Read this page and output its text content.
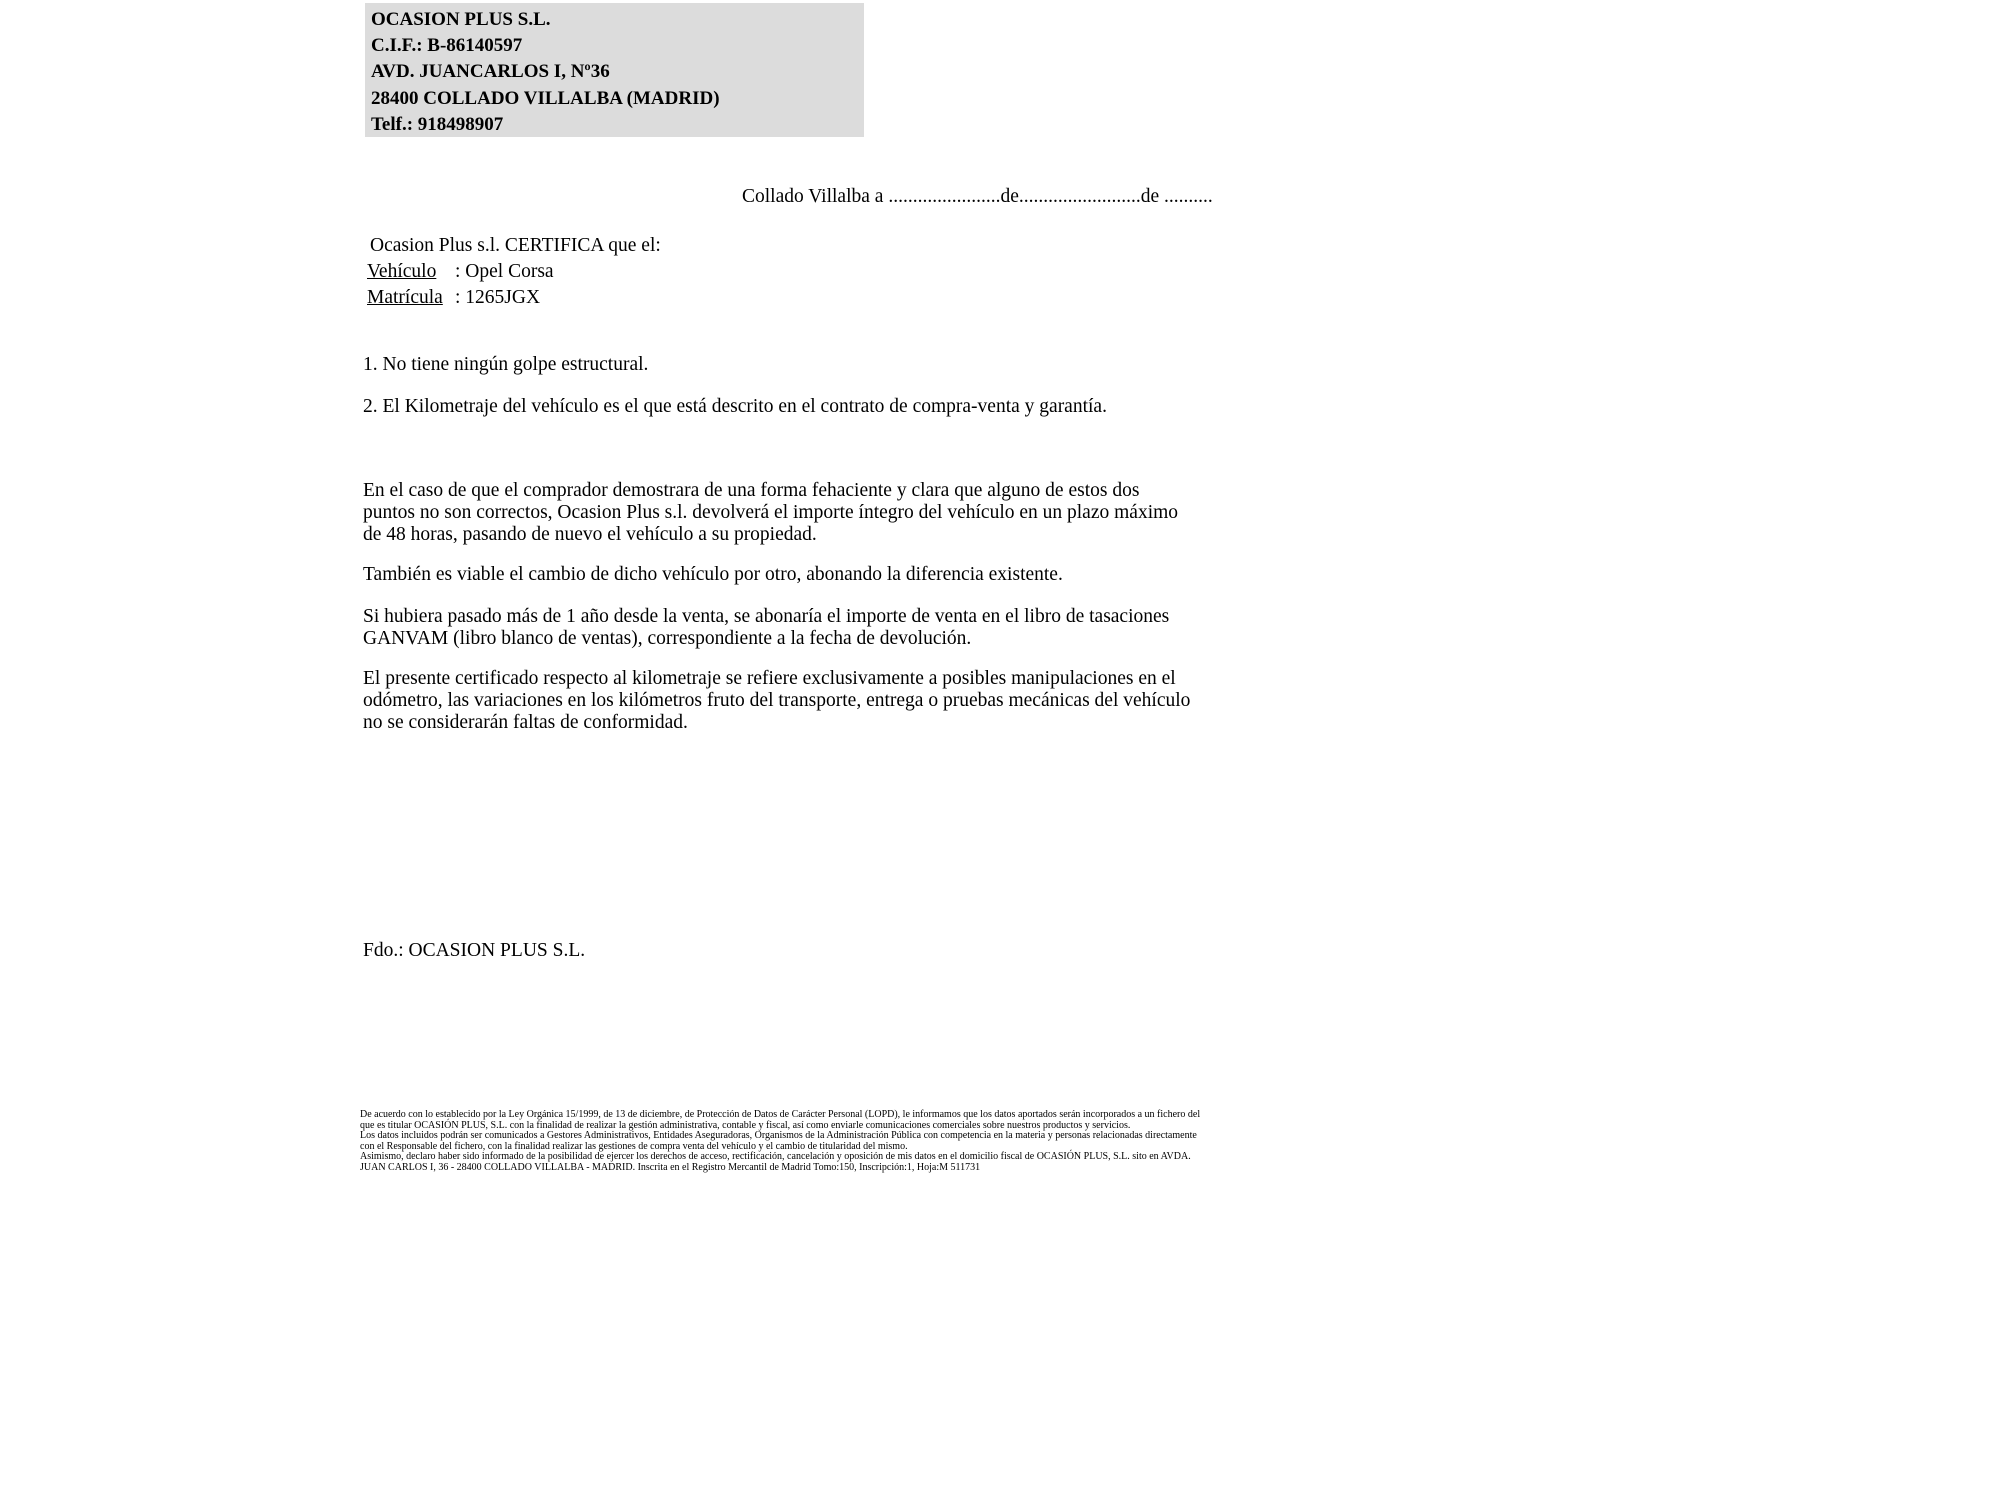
OCASION PLUS S.L.
C.I.F.: B-86140597
AVD. JUANCARLOS I, Nº36
28400 COLLADO VILLALBA (MADRID)
Telf.: 918498907
Collado Villalba a .......................de.........................de ..........
Ocasion Plus s.l. CERTIFICA que el:
Vehículo : Opel Corsa
Matrícula : 1265JGX
1. No tiene ningún golpe estructural.
2. El Kilometraje del vehículo es el que está descrito en el contrato de compra-venta y garantía.
En el caso de que el comprador demostrara de una forma fehaciente y clara que alguno de estos dos puntos no son correctos, Ocasion Plus s.l. devolverá el importe íntegro del vehículo en un plazo máximo de 48 horas, pasando de nuevo el vehículo a su propiedad.
También es viable el cambio de dicho vehículo por otro, abonando la diferencia existente.
Si hubiera pasado más de 1 año desde la venta, se abonaría el importe de venta en el libro de tasaciones GANVAM (libro blanco de ventas), correspondiente a la fecha de devolución.
El presente certificado respecto al kilometraje se refiere exclusivamente a posibles manipulaciones en el odómetro, las variaciones en los kilómetros fruto del transporte, entrega o pruebas mecánicas del vehículo no se considerarán faltas de conformidad.
Fdo.: OCASION PLUS S.L.

De acuerdo con lo establecido por la Ley Orgánica 15/1999, de 13 de diciembre, de Protección de Datos de Carácter Personal (LOPD), le informamos que los datos aportados serán incorporados a un fichero del que es titular OCASIÓN PLUS, S.L. con la finalidad de realizar la gestión administrativa, contable y fiscal, así como enviarle comunicaciones comerciales sobre nuestros productos y servicios.

Los datos incluidos podrán ser comunicados a Gestores Administrativos, Entidades Aseguradoras, Organismos de la Administración Pública con competencia en la materia y personas relacionadas directamente con el Responsable del fichero, con la finalidad realizar las gestiones de compra venta del vehículo y el cambio de titularidad del mismo.

Asimismo, declaro haber sido informado de la posibilidad de ejercer los derechos de acceso, rectificación, cancelación y oposición de mis datos en el domicilio fiscal de OCASIÓN PLUS, S.L. sito en AVDA. JUAN CARLOS I, 36 - 28400 COLLADO VILLALBA - MADRID. Inscrita en el Registro Mercantil de Madrid Tomo:150, Inscripción:1, Hoja:M 511731
